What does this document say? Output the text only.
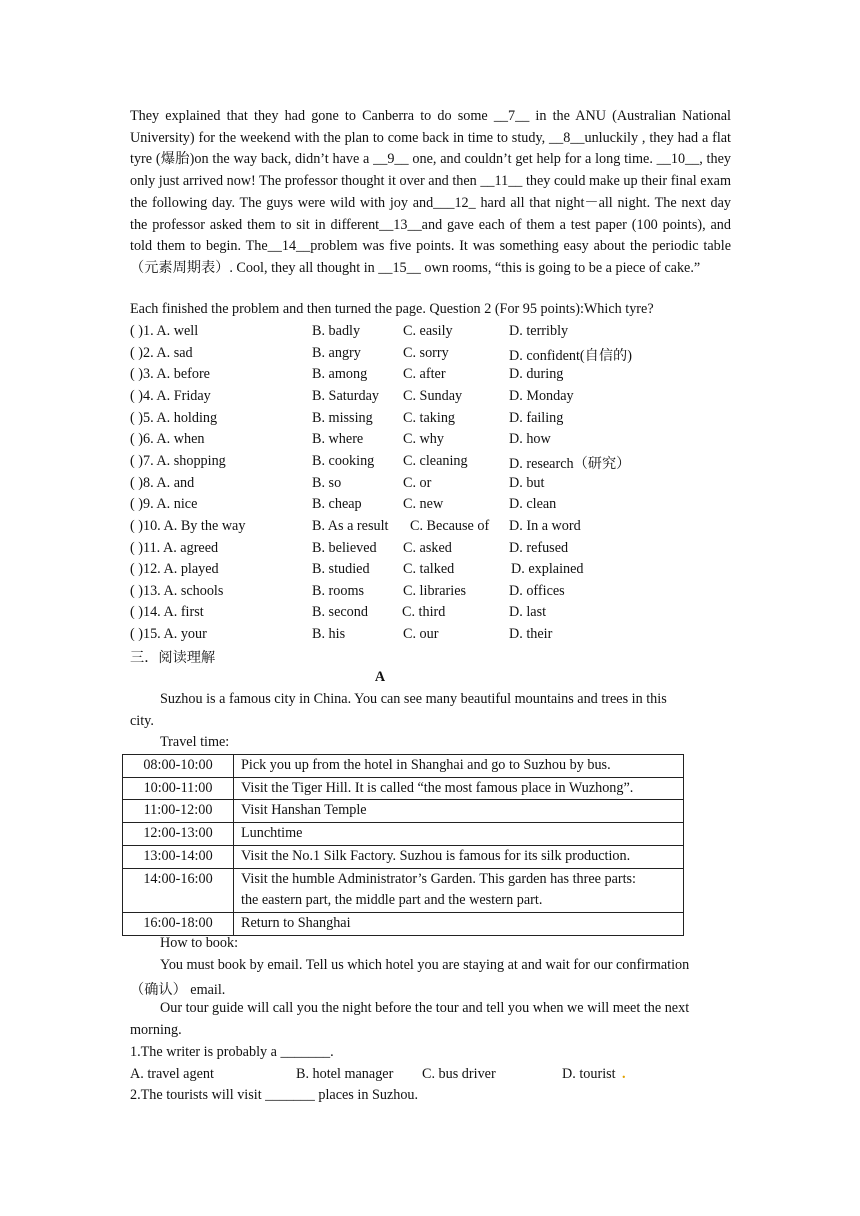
They explained that they had gone to Canberra to do some __7__ in the ANU (Australian National University) for the weekend with the plan to come back in time to study, __8__unluckily , they had a flat tyre (爆胎)on the way back, didn’t have a __9__ one, and couldn’t get help for a long time. __10__, they only just arrived now! The professor thought it over and then __11__ they could make up their final exam the following day. The guys were wild with joy and___12_ hard all that night－all night. The next day the professor asked them to sit in different__13__and gave each of them a test paper (100 points), and told them to begin. The__14__problem was five points. It was something easy about the periodic table（元素周期表）. Cool, they all thought in __15__ own rooms, “this is going to be a piece of cake.”

Each finished the problem and then turned the page. Question 2 (For 95 points):Which tyre?

( )1. A. well	B. badly	C. easily	D. terribly
( )2. A. sad	B. angry	C. sorry	D. confident(自信的)
( )3. A. before	B. among	C. after	D. during
( )4. A. Friday	B. Saturday C. Sunday	D. Monday
( )5. A. holding	B. missing C. taking	D. failing
( )6. A. when	B. where	C. why	D. how
( )7. A. shopping	B. cooking C. cleaning	D. research（研究）
( )8. A. and	B. so	C. or	D. but
( )9. A. nice	B. cheap	C. new	D. clean
( )10. A. By the way	B. As a result C. Because of D. In a word
( )11. A. agreed	B. believed C. asked	D. refused
( )12. A. played	B. studied C. talked	D. explained
( )13. A. schools	B. rooms	C. libraries	D. offices
( )14. A. first	B. second C. third	D. last
( )15. A. your	B. his	C. our	D. their
三．阅读理解
A

Suzhou is a famous city in China. You can see many beautiful mountains and trees in this

city.

Travel time:

08:00-10:00	Pick you up from the hotel in Shanghai and go to Suzhou by bus.
10:00-11:00	Visit the Tiger Hill. It is called “the most famous place in Wuzhong”.
11:00-12:00	Visit Hanshan Temple
12:00-13:00	Lunchtime
13:00-14:00	Visit the No.1 Silk Factory. Suzhou is famous for its silk production.
14:00-16:00	Visit the humble Administrator’s Garden. This garden has three parts:
the eastern part, the middle part and the western part.

16:00-18:00	Return to Shanghai

How to book:

You must book by email. Tell us which hotel you are staying at and wait for our confirmation

（确认） email.

Our tour guide will call you the night before the tour and tell you when we will meet the next

morning.

1.The writer is probably a _______.

A. travel agent	B. hotel manager C. bus driver	D. tourist .

2.The tourists will visit _______ places in Suzhou.
